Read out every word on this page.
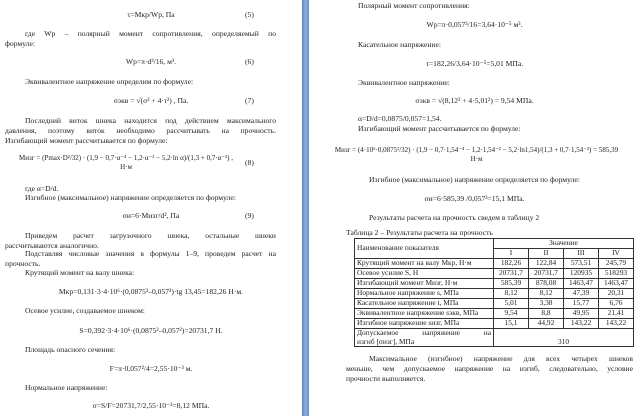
τ=Mкр/Wр, Па	(5)
где Wр – полярный момент сопротивления, определяемый по
формуле:
Wр=π·d³/16, м³.	(6)
Эквивалентное напряжение определим по формуле:
σэкв = √(σ² + 4·τ²) , Па.	(7)
Последний виток шнека находится под действием максимального
давления, поэтому виток необходимо рассчитывать на прочность.
Изгибающий момент рассчитывается по формуле:
Mизг = (Pmax·D²/32) · (1,9 − 0,7·α⁻⁴ − 1,2·α⁻² − 5,2·ln α)/(1,3 + 0,7·α⁻²) , Н·м	(8)
где α=D/d.
Изгибное (максимальное) напряжение определяется по формуле:
σи=6·Mизг/d², Па	(9)
Приведем расчет загрузочного шнека, остальные шнеки
рассчитываются аналогично.
Подставляя числовые значения в формулы 1–9, проведем расчет на
прочность.
Крутящий момент на валу шнека:
Mкр=0,131·3·4·10⁶·(0,0875³–0,057³)·tg 13,45=182,26 Н·м.
Осевое усилие, создаваемое шнеком:
S=0,392·3·4·10⁶·(0,0875²–0,057²)=20731,7 Н.
Площадь опасного сечения:
F=π·0,057²/4=2,55·10⁻³ м.
Нормальное напряжение:
σ=S/F=20731,7/2,55·10⁻³=8,12 МПа.
Полярный момент сопротивления:
Wр=π·0,057³/16=3,64·10⁻⁵ м³.
Касательное напряжение:
τ=182,26/3,64·10⁻⁵=5,01 МПа.
Эквивалентное напряжение:
σэкв = √(8,12² + 4·5,01²) = 9,54 МПа.
α=D/d=0,0875/0,057=1,54.
Изгибающий момент рассчитывается по формуле:
Mизг = (4·10⁶·0,0875²/32) · (1,9 − 0,7·1,54⁻⁴ − 1,2·1,54⁻² − 5,2·ln1,54)/(1,3 + 0,7·1,54⁻²) = 585,39 Н·м
Изгибное (максимальное) напряжение определяется по формуле:
σи=6·585,39 /0,057³=15,1 МПа.
Результаты расчета на прочность сведем в таблицу 2
Таблица 2 – Результаты расчета на прочность
Наименование показателя	Значение			
	I	II	III	IV
Крутящий момент на валу Mкр, Н·м	182,26	122,84	573,51	245,79
Осевое усилие S, Н	20731,7	20731,7	120935	518293
Изгибающий момент Mизг, Н·м	585,39	878,08	1463,47	1463,47
Нормальное напряжение s, МПа	8,12	8,12	47,39	20,31
Касательное напряжение t, МПа	5,01	3,38	15,77	6,76
Эквивалентное напряжение sэкв, МПа	9,54	8,8	49,95	21,41
Изгибное напряжение sизг, МПа	15,1	44,92	143,22	143,22

Допускаемое напряжение на
изгиб [σизг], МПа	310			
Максимальное (изгибное) напряжение для всех четырех шнеков
меньше, чем допускаемое напряжение на изгиб, следовательно, условие
прочности выполняется.
